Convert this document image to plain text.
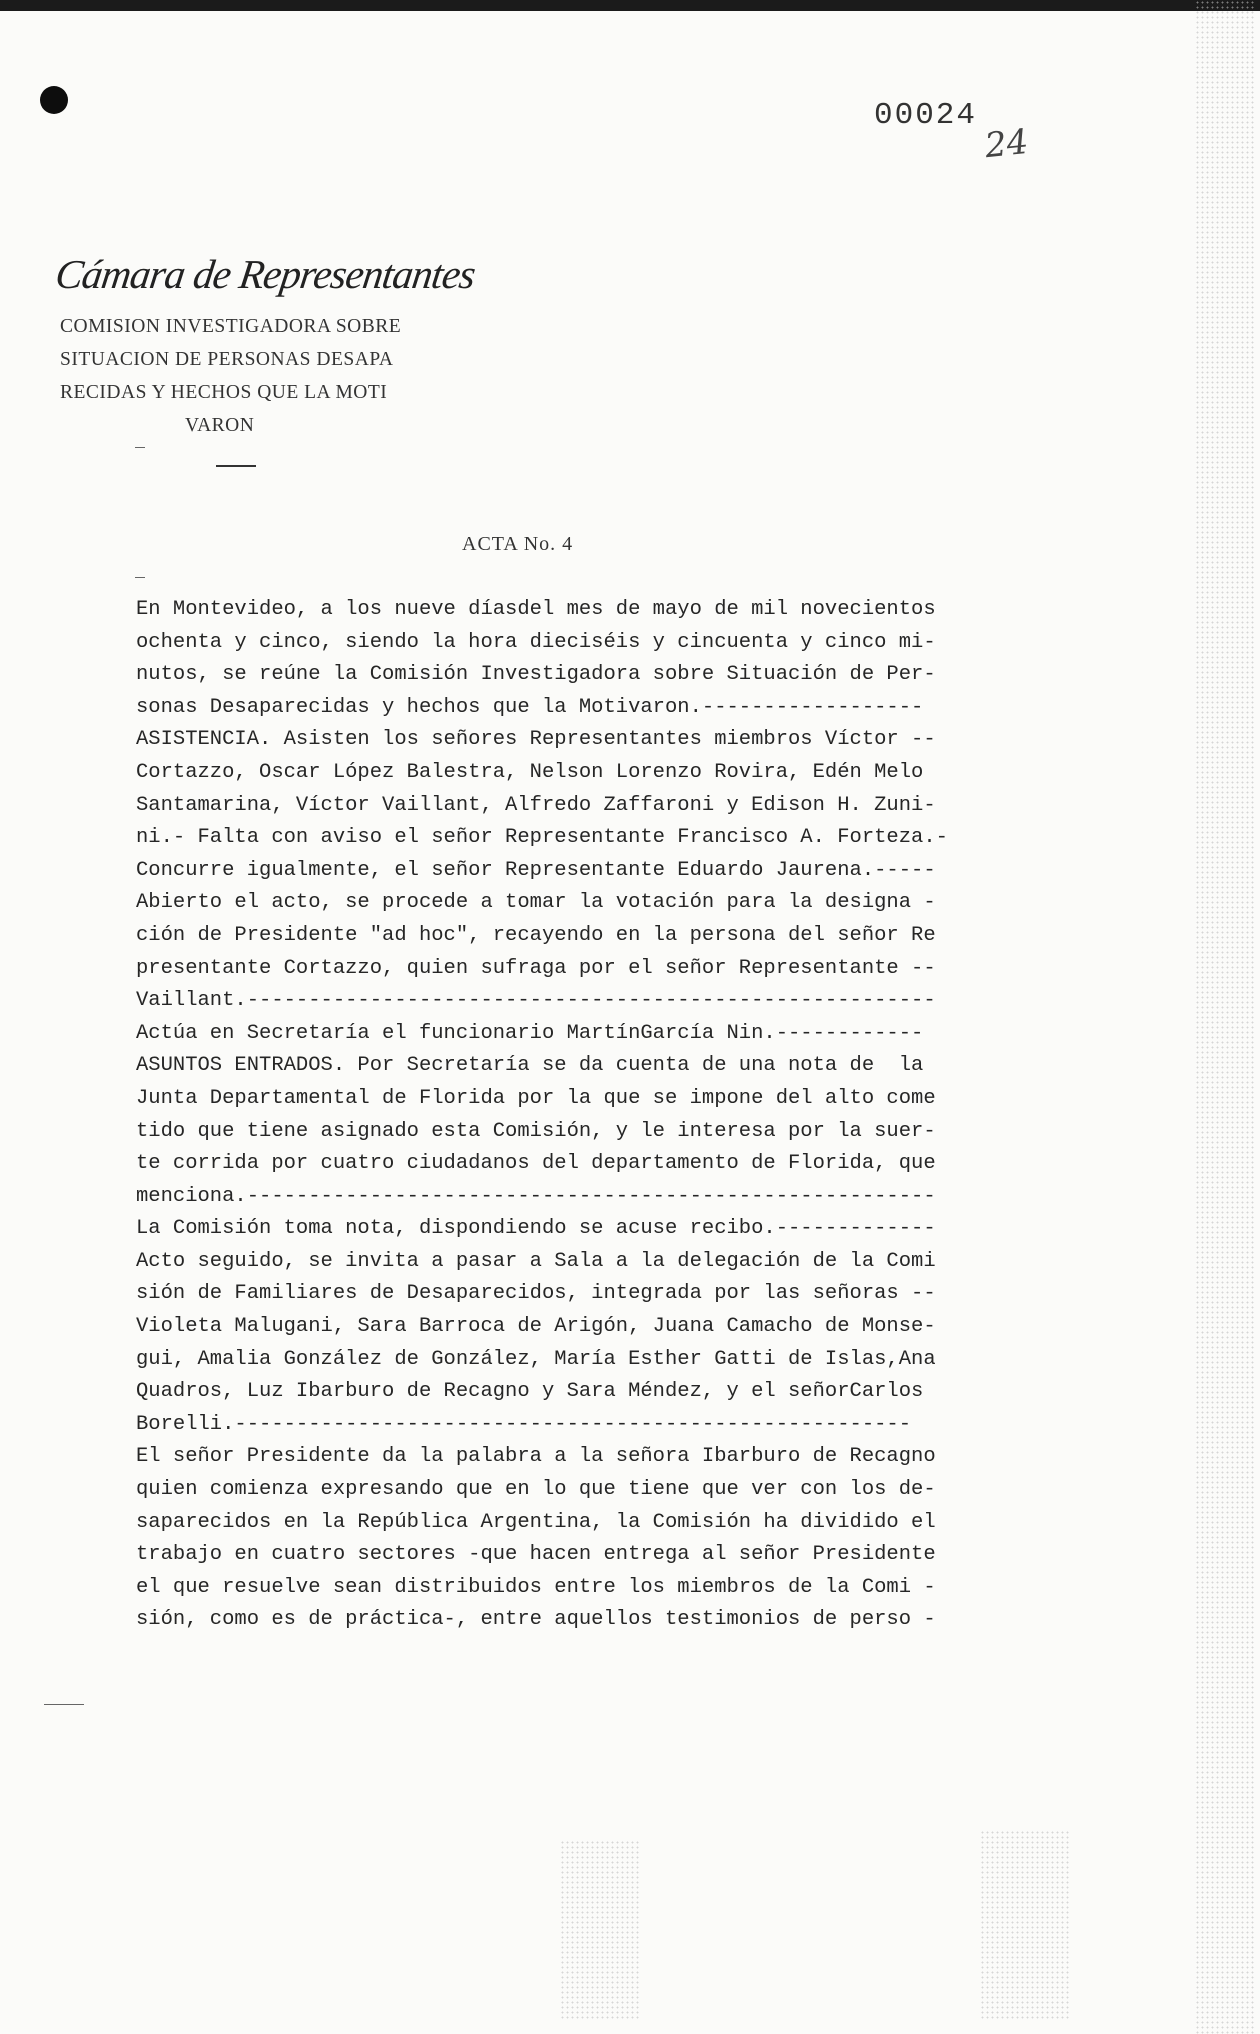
00024
24
Cámara de Representantes
COMISION INVESTIGADORA SOBRE
SITUACION DE PERSONAS DESAPA
RECIDAS Y HECHOS QUE LA MOTI
VARON
ACTA No. 4
En Montevideo, a los nueve díasdel mes de mayo de mil novecientos
ochenta y cinco, siendo la hora dieciséis y cincuenta y cinco mi-
nutos, se reúne la Comisión Investigadora sobre Situación de Per-
sonas Desaparecidas y hechos que la Motivaron.------------------
ASISTENCIA. Asisten los señores Representantes miembros Víctor --
Cortazzo, Oscar López Balestra, Nelson Lorenzo Rovira, Edén Melo
Santamarina, Víctor Vaillant, Alfredo Zaffaroni y Edison H. Zuni-
ni.- Falta con aviso el señor Representante Francisco A. Forteza.-
Concurre igualmente, el señor Representante Eduardo Jaurena.-----
Abierto el acto, se procede a tomar la votación para la designa -
ción de Presidente "ad hoc", recayendo en la persona del señor Re
presentante Cortazzo, quien sufraga por el señor Representante --
Vaillant.--------------------------------------------------------
Actúa en Secretaría el funcionario MartínGarcía Nin.------------
ASUNTOS ENTRADOS. Por Secretaría se da cuenta de una nota de  la
Junta Departamental de Florida por la que se impone del alto come
tido que tiene asignado esta Comisión, y le interesa por la suer-
te corrida por cuatro ciudadanos del departamento de Florida, que
menciona.--------------------------------------------------------
La Comisión toma nota, dispondiendo se acuse recibo.-------------
Acto seguido, se invita a pasar a Sala a la delegación de la Comi
sión de Familiares de Desaparecidos, integrada por las señoras --
Violeta Malugani, Sara Barroca de Arigón, Juana Camacho de Monse-
gui, Amalia González de González, María Esther Gatti de Islas,Ana
Quadros, Luz Ibarburo de Recagno y Sara Méndez, y el señorCarlos
Borelli.-------------------------------------------------------
El señor Presidente da la palabra a la señora Ibarburo de Recagno
quien comienza expresando que en lo que tiene que ver con los de-
saparecidos en la República Argentina, la Comisión ha dividido el
trabajo en cuatro sectores -que hacen entrega al señor Presidente
el que resuelve sean distribuidos entre los miembros de la Comi -
sión, como es de práctica-, entre aquellos testimonios de perso -
